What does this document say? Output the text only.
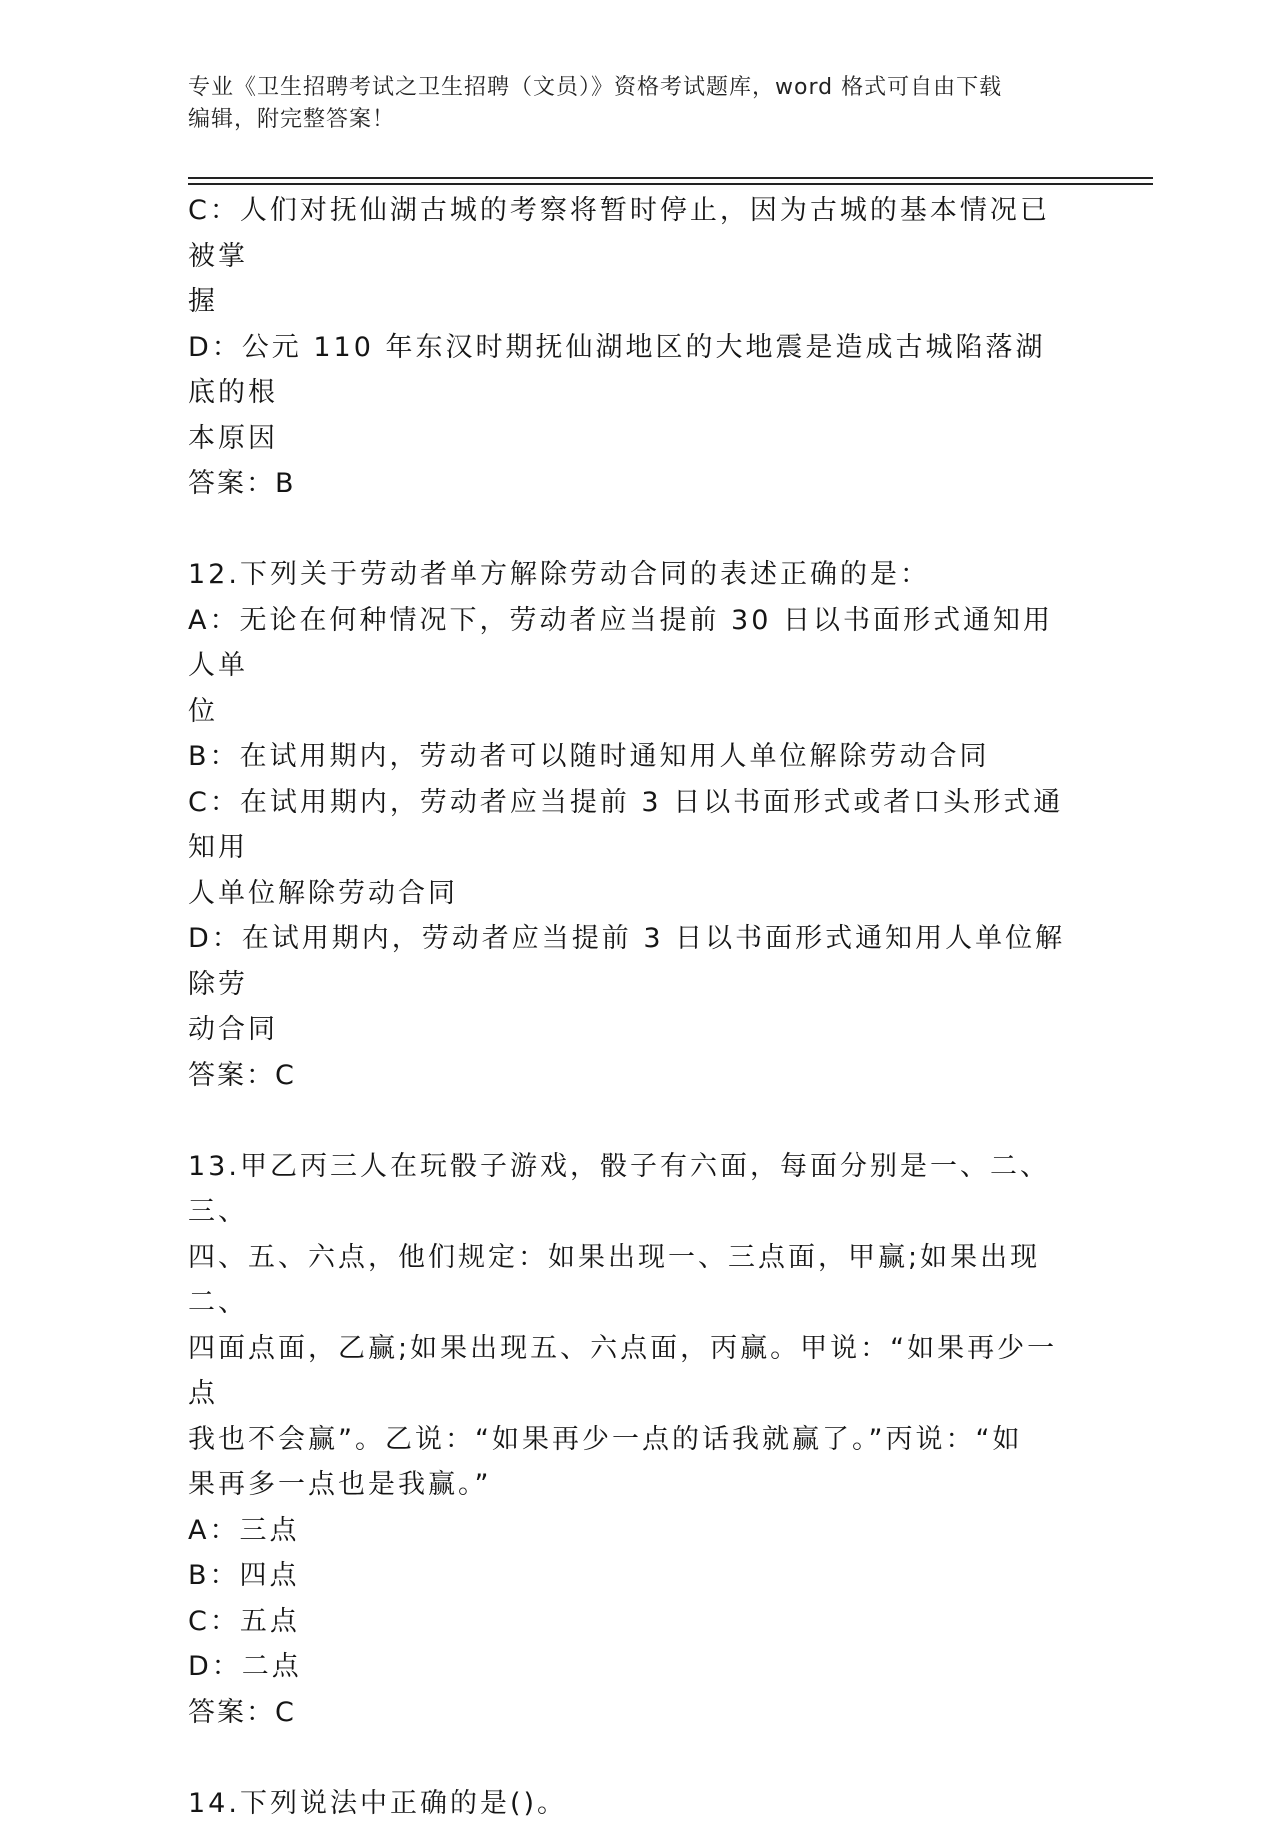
专业《卫生招聘考试之卫生招聘（文员）》资格考试题库，word 格式可自由下载
编辑，附完整答案！
C：人们对抚仙湖古城的考察将暂时停止，因为古城的基本情况已被掌
握
D：公元 110 年东汉时期抚仙湖地区的大地震是造成古城陷落湖底的根
本原因
答案：B
12.下列关于劳动者单方解除劳动合同的表述正确的是：
A：无论在何种情况下，劳动者应当提前 30 日以书面形式通知用人单
位
B：在试用期内，劳动者可以随时通知用人单位解除劳动合同
C：在试用期内，劳动者应当提前 3 日以书面形式或者口头形式通知用
人单位解除劳动合同
D：在试用期内，劳动者应当提前 3 日以书面形式通知用人单位解除劳
动合同
答案：C
13.甲乙丙三人在玩骰子游戏，骰子有六面，每面分别是一、二、三、
四、五、六点，他们规定：如果出现一、三点面，甲赢;如果出现二、
四面点面，乙赢;如果出现五、六点面，丙赢。甲说：“如果再少一点
我也不会赢”。乙说：“如果再少一点的话我就赢了。”丙说：“如
果再多一点也是我赢。”
A：三点
B：四点
C：五点
D：二点
答案：C
14.下列说法中正确的是()。
